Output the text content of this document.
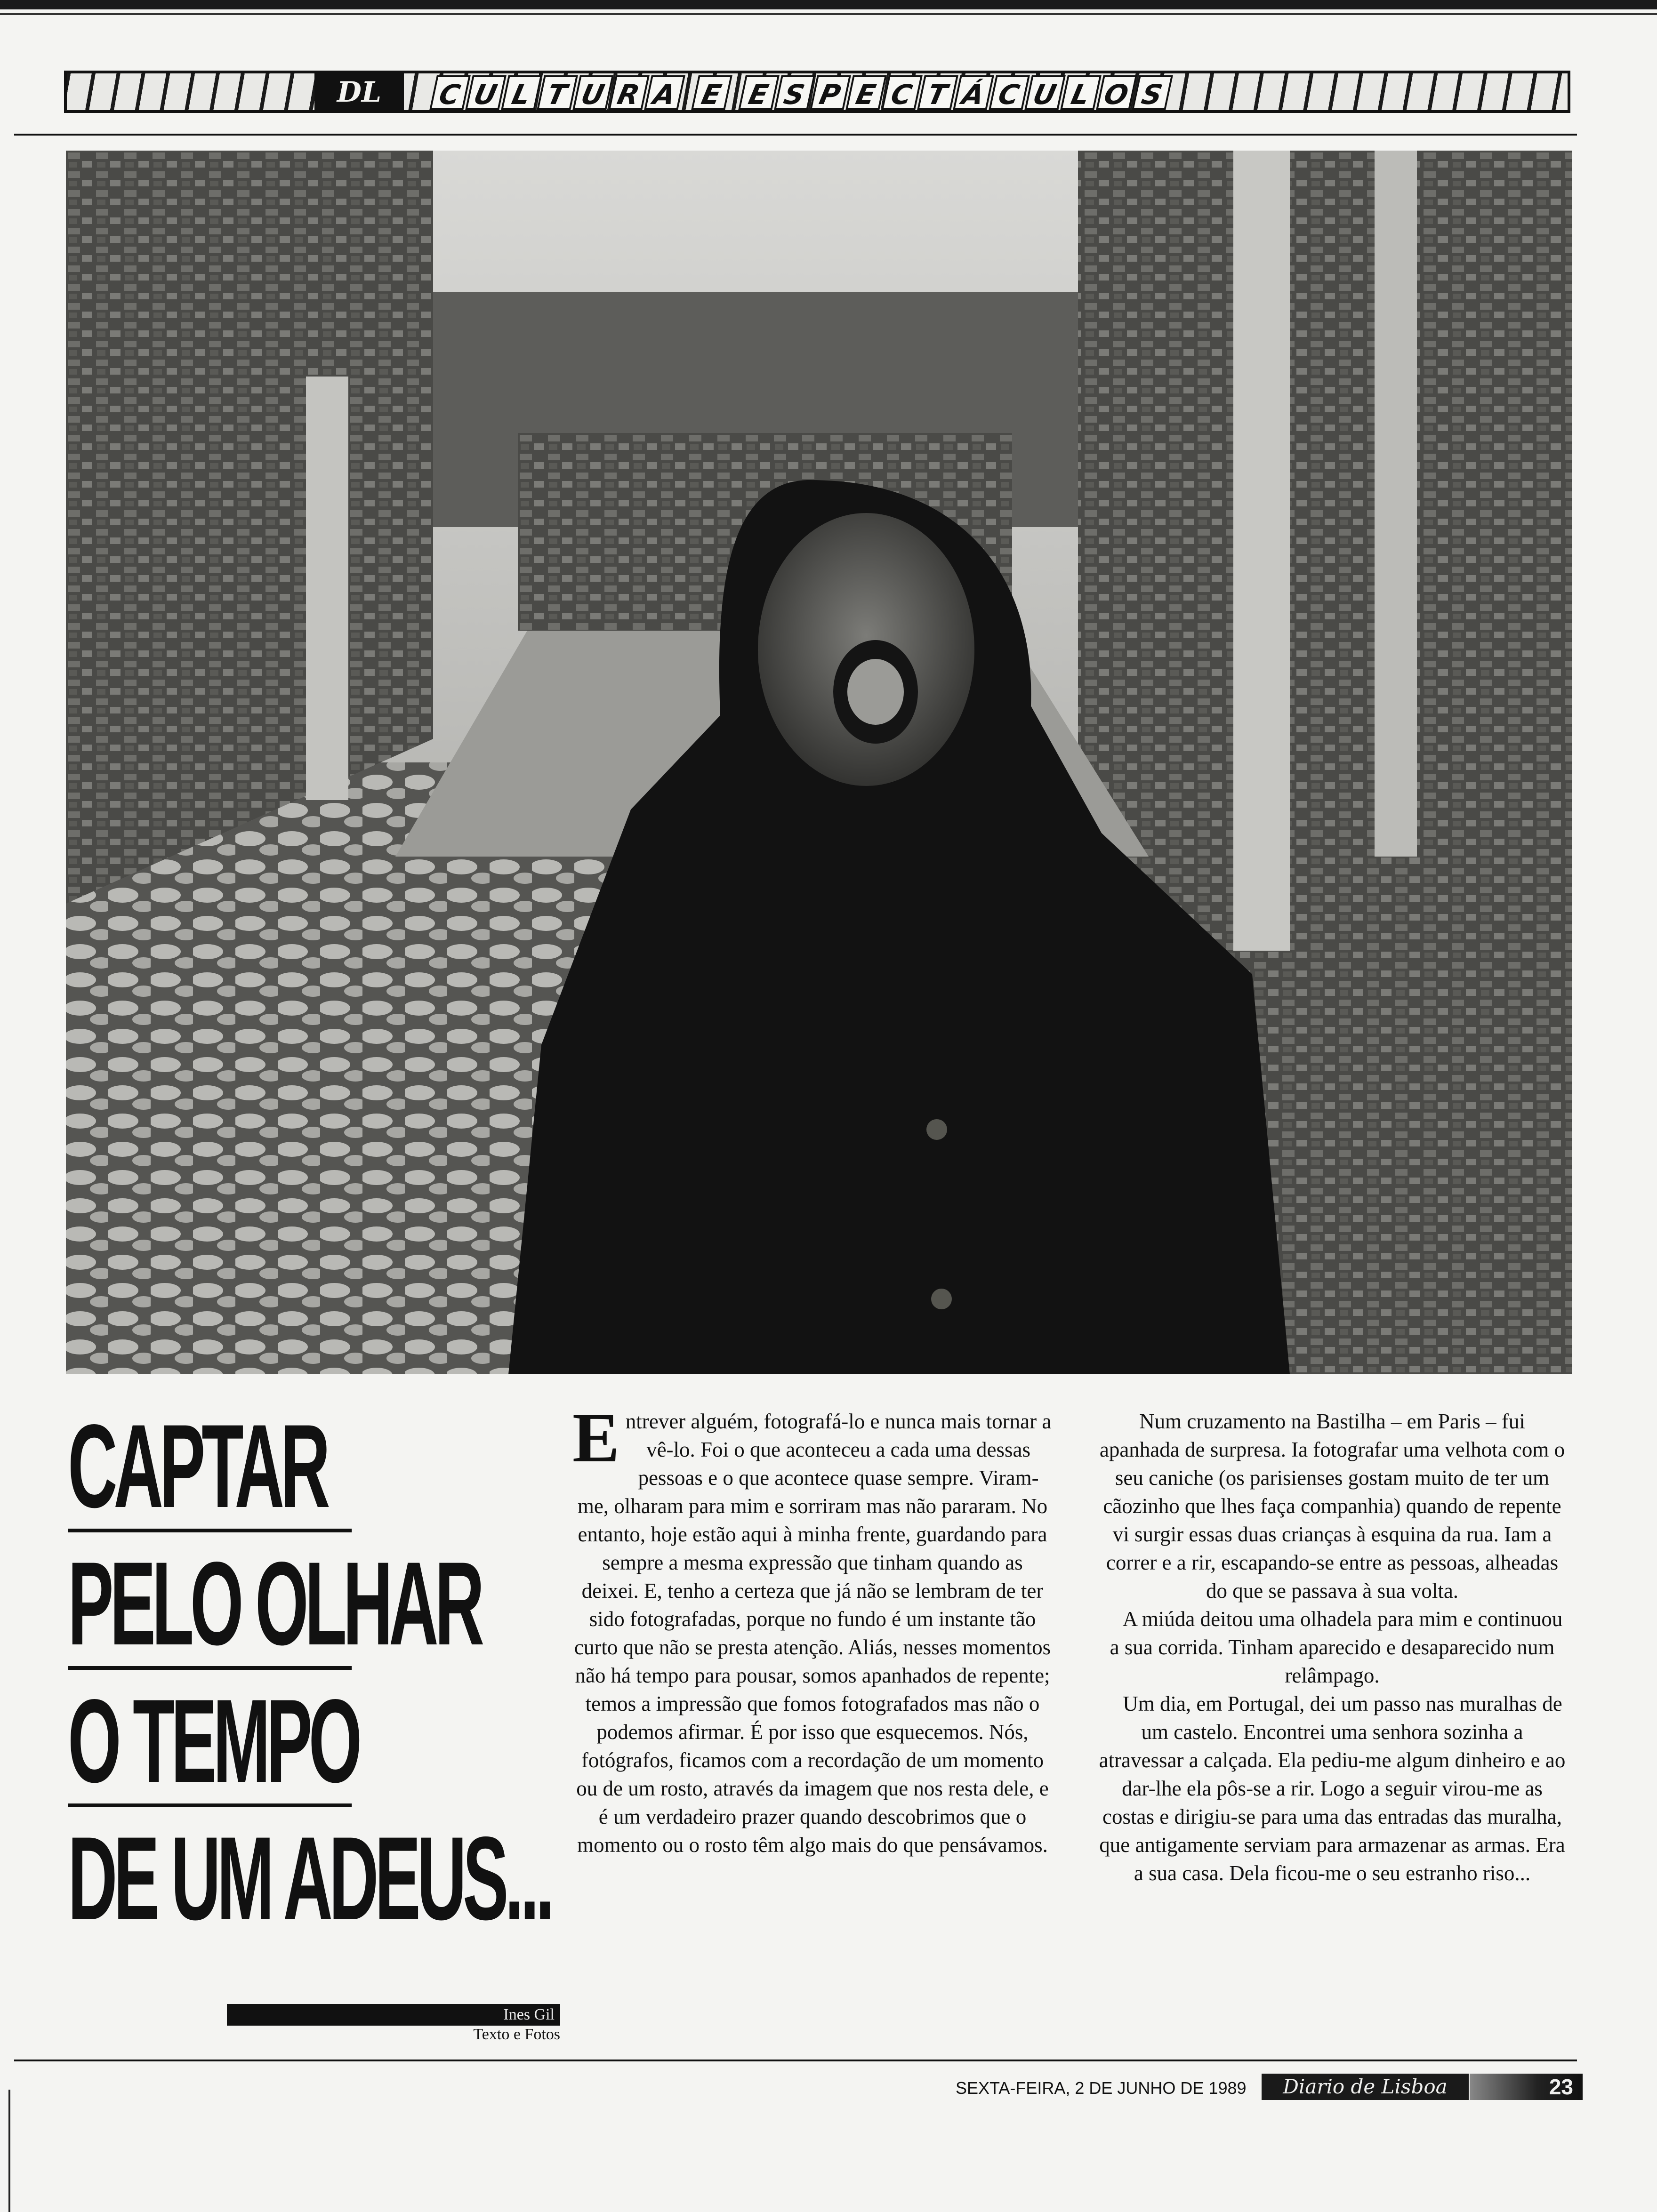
DL	C U L T U R A E E S P E C T Á C U L O S
CAPTAR
PELO OLHAR
O TEMPO
DE UM ADEUS...
Ines Gil
Texto e Fotos

Entrever alguém, fotografá-lo e nunca mais tornar a vê-lo. Foi o que aconteceu a cada uma dessas pessoas e o que acontece quase sempre. Viram-me, olharam para mim e sorriram mas não pararam. No entanto, hoje estão aqui à minha frente, guardando para sempre a mesma expressão que tinham quando as deixei. E, tenho a certeza que já não se lembram de ter sido fotografadas, porque no fundo é um instante tão curto que não se presta atenção. Aliás, nesses momentos não há tempo para pousar, somos apanhados de repente; temos a impressão que fomos fotografados mas não o podemos afirmar. É por isso que esquecemos. Nós, fotógrafos, ficamos com a recordação de um momento ou de um rosto, através da imagem que nos resta dele, e é um verdadeiro prazer quando descobrimos que o momento ou o rosto têm algo mais do que pensávamos.

Num cruzamento na Bastilha – em Paris – fui apanhada de surpresa. Ia fotografar uma velhota com o seu caniche (os parisienses gostam muito de ter um cãozinho que lhes faça companhia) quando de repente vi surgir essas duas crianças à esquina da rua. Iam a correr e a rir, escapando-se entre as pessoas, alheadas do que se passava à sua volta.

A miúda deitou uma olhadela para mim e continuou a sua corrida. Tinham aparecido e desaparecido num relâmpago.

Um dia, em Portugal, dei um passo nas muralhas de um castelo. Encontrei uma senhora sozinha a atravessar a calçada. Ela pediu-me algum dinheiro e ao dar-lhe ela pôs-se a rir. Logo a seguir virou-me as costas e dirigiu-se para uma das entradas das muralha, que antigamente serviam para armazenar as armas. Era a sua casa. Dela ficou-me o seu estranho riso...

SEXTA-FEIRA, 2 DE JUNHO DE 1989	Diario de Lisboa	23
